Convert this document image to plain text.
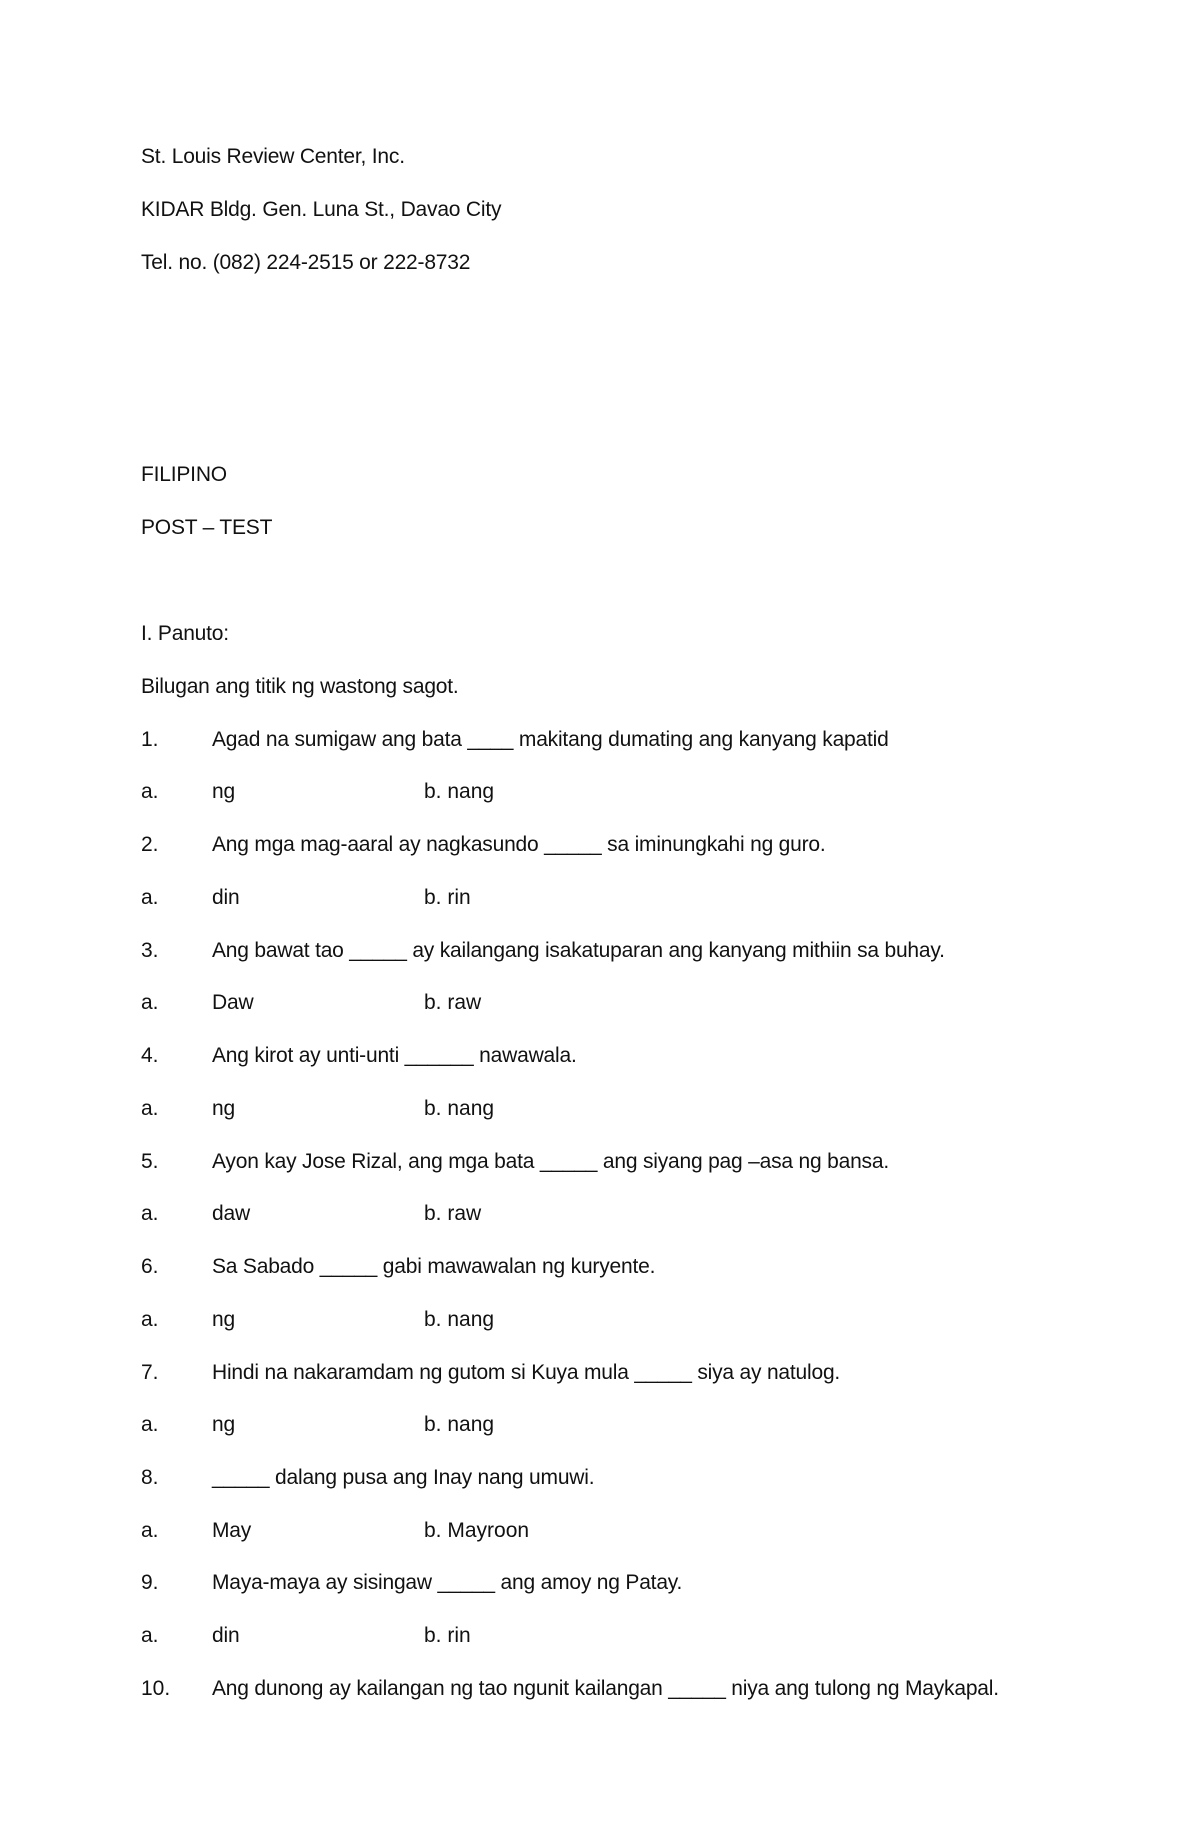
St. Louis Review Center, Inc.
KIDAR Bldg. Gen. Luna St., Davao City
Tel. no. (082) 224-2515 or 222-8732
FILIPINO
POST – TEST
I. Panuto:
Bilugan ang titik ng wastong sagot.
1.	Agad na sumigaw ang bata ____ makitang dumating ang kanyang kapatid
a.	ng	b. nang
2.	Ang mga mag-aaral ay nagkasundo _____ sa iminungkahi ng guro.
a.	din	b. rin
3.	Ang bawat tao _____ ay kailangang isakatuparan ang kanyang mithiin sa buhay.
a.	Daw	b. raw
4.	Ang kirot ay unti-unti ______ nawawala.
a.	ng	b. nang
5.	Ayon kay Jose Rizal, ang mga bata _____ ang siyang pag –asa ng bansa.
a.	daw	b. raw
6.	Sa Sabado _____ gabi mawawalan ng kuryente.
a.	ng	b. nang
7.	Hindi na nakaramdam ng gutom si Kuya mula _____ siya ay natulog.
a.	ng	b. nang
8.	_____ dalang pusa ang Inay nang umuwi.
a.	May	b. Mayroon
9.	Maya-maya ay sisingaw _____ ang amoy ng Patay.
a.	din	b. rin
10. Ang dunong ay kailangan ng tao ngunit kailangan _____ niya ang tulong ng Maykapal.
